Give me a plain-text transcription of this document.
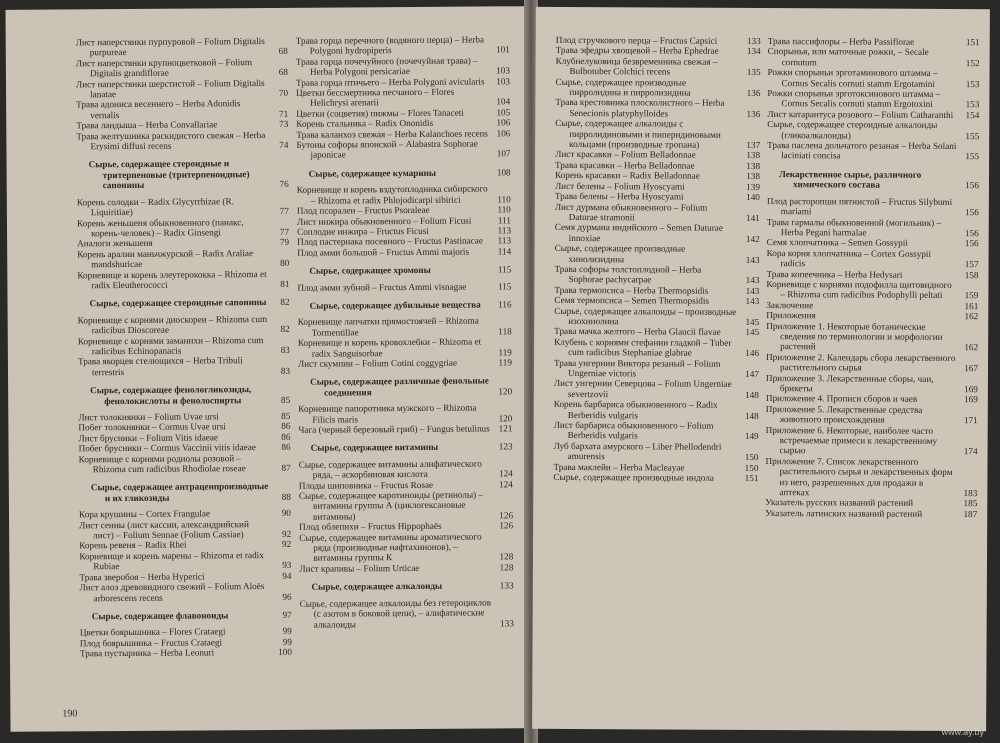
Лист наперстянки пурпуровой – Folium Digitalis purpureae	68
Лист наперстянки крупноцветковой – Folium Digitalis grandiflorae	68
Лист наперстянки шерстистой – Folium Digitalis lanatae	70
Трава адониса весеннего – Herba Adonidis vernalis	71
Трава ландыша – Herba Convallariae	73
Трава желтушника раскидистого свежая – Herba Erysimi diffusi recens	74
Сырье, содержащее стероидные и тритерпеновые (тритерпеноидные) сапонины	76
Корень солодки – Radix Glycyrrhizae (R. Liquiritiae)	77
Корень женьшеня обыкновенного (панакс, корень-человек) – Radix Ginsengi	77
Аналоги женьшеня	79
Корень аралии маньчжурской – Radix Araliae mandshuricae	80
Корневище и корень элеутерококка – Rhizoma et radix Eleutherococci	81
Сырье, содержащее стероидные сапонины	82
Корневище с корнями диоскореи – Rhizoma cum radicibus Dioscoreae	82
Корневище с корнями заманихи – Rhizoma cum radicibus Echinopanacis	83
Трава якорцев стелющихся – Herba Tribuli terrestris	83
Сырье, содержащее фенологликозиды, фенолокислоты и фенолоспирты	85
Лист толокнянки – Folium Uvae ursi	85
Побег толокнянки – Cormus Uvae ursi	86
Лист брусники – Folium Vitis idaeae	86
Побег брусники – Cormus Vaccinii vitis idaeae	86
Корневище с корнями родиолы розовой – Rhizoma cum radicibus Rhodiolae roseae	87
Сырье, содержащее антраценпроизводные и их гликозиды	88
Кора крушины – Cortex Frangulae	90
Лист сенны (лист кассии, александрийский лист) – Folium Sennae (Folium Cassiae)	92
Корень ревеня – Radix Rhei	92
Корневище и корень марены – Rhizoma et radix Rubiae	93
Трава зверобоя – Herba Hyperici	94
Лист алоэ древовидного свежий – Folium Aloës arborescens recens	96
Сырье, содержащее флавоноиды	97
Цветки боярышника – Flores Crataegi	99
Плод боярышника – Fructus Crataegi	99
Трава пустырника – Herba Leonuri	100
Трава горца перечного (водяного перца) – Herba Polygoni hydropiperis	101
Трава горца почечуйного (почечуйная трава) – Herba Polygoni persicariae	103
Трава горца птичьего – Herba Polygoni avicularis	103
Цветки бессмертника песчаного – Flores Helichrysi arenarii	104
Цветки (соцветия) пижмы – Flores Tanaceti	105
Корень стальника – Radix Ononidis	106
Трава каланхоэ свежая – Herba Kalanchoes recens 106
Бутоны софоры японской – Alabastra Sophorae japonicae	107
Сырье, содержащее кумарины	108
Корневище и корень вздутоплодника сибирского – Rhizoma et radix Phlojodicarpi sibirici	110
Плод псоралеи – Fructus Psoraleae	110
Лист инжира обыкновенного – Folium Ficusi	111
Соплодие инжира – Fructus Ficusi	113
Плод пастернака посевного – Fructus Pastinacae	113
Плод амми большой – Fructus Ammi majoris	114
Сырье, содержащее хромоны	115
Плод амми зубной – Fructus Ammi visnagae	115
Сырье, содержащее дубильные вещества	116
Корневище лапчатки прямостоячей – Rhizoma Tormentillae	118
Корневище и корень кровохлебки – Rhizoma et radix Sanguisorbae	119
Лист скумпии – Folium Cotini coggygriae	119
Сырье, содержащее различные фенольные соединения	120
Корневище папоротника мужского – Rhizoma Filicis maris	120
Чага (черный березовый гриб) – Fungus betulinus 121
Сырье, содержащее витамины	123
Сырье, содержащее витамины алифатического ряда, – аскорбиновая кислота	124
Плоды шиповника – Fructus Rosae	124
Сырье, содержащее каротиноиды (ретинолы) – витамины группы А (циклогексановые витамины)	126
Плод облепихи – Fructus Hippophaës	126
Сырье, содержащее витамины ароматического ряда (производные нафтахинонов), – витамины группы К	128
Лист крапивы – Folium Urticae	128
Сырье, содержащее алкалоиды	133
Сырье, содержащее алкалоиды без гетероциклов (с азотом в боковой цепи), – алифатические алкалоиды	133
190
Плод стручкового перца – Fructus Capsici	133
Трава эфедры хвощевой – Herba Ephedrae	134
Клубнелуковица безвременника свежая – Bulbotuber Colchici recens	135
Сырье, содержащее производные пирролидина и пирролизидина	136
Трава крестовника плосколистного – Herba Senecionis platyphylloides	136
Сырье, содержащее алкалоиды с пирролидиновыми и пиперидиновыми кольцами (производные тропана)	137
Лист красавки – Folium Belladonnae	138
Трава красавки – Herba Belladonnae	138
Корень красавки – Radix Belladonnae	138
Лист белены – Folium Hyoscyami	139
Трава белены – Herba Hyoscyami	140
Лист дурмана обыкновенного – Folium Daturae stramonii	141
Семя дурмана индийского – Semen Daturae innoxiae	142
Сырье, содержащее производные хинолизидина	143
Трава софоры толстоплодной – Herba Sophorae pachycarpae	143
Трава термопсиса – Herba Thermopsidis	143
Семя термопсиса – Semen Thermopsidis	143
Сырье, содержащее алкалоиды – производные изохинолина	145
Трава мачка желтого – Herba Glaucii flavae	145
Клубень с корнями стефании гладкой – Tuber cum radicibus Stephaniae glabrae	146
Трава унгернии Виктора резаный – Folium Ungerniae victoris	147
Лист унгернии Северцова – Folium Ungerniae severtzovii	148
Корень барбариса обыкновенного – Radix Berberidis vulgaris	148
Лист барбариса обыкновенного – Folium Berberidis vulgaris	149
Луб бархата амурского – Liber Phellodendri amurensis	150
Трава маклейи – Herba Macleayae	150
Сырье, содержащее производные индола	151
Трава пассифлоры – Herba Passiflorae	151
Спорынья, или маточные рожки, – Secale cornutum	152
Рожки спорыньи эрготаминового штамма – Cornus Secalis cornuti stamm Ergotamini	153
Рожки спорыньи эрготоксинового штамма – Cornus Secalis cornuti stamm Ergotoxini	153
Лист катарантуса розового – Folium Catharanthi	154
Сырье, содержащее стероидные алкалоиды (гликоалкалоиды)	155
Трава паслена дольчатого резаная – Herba Solani laciniati concisa	155
Лекарственное сырье, различного химического состава	156
Плод расторопши пятнистой – Fructus Silybumi mariami	156
Трава гармалы обыкновенной (могильник) – Herba Pegani harmalae	156
Семя хлопчатника – Semen Gossypii	156
Кора корня хлопчатника – Cortex Gossypii radicis	157
Трава копеечника – Herba Hedysari	158
Корневище с корнями подофилла щитовидного – Rhizoma cum radicibus Podophylli peltati	159
Заключение	161
Приложения	162
Приложение 1. Некоторые ботанические сведения по терминологии и морфологии растений	162
Приложение 2. Календарь сбора лекарственного растительного сырья	167
Приложение 3. Лекарственные сборы, чаи, брикеты	169
Приложение 4. Прописи сборов и чаев	169
Приложение 5. Лекарственные средства животного происхождения	171
Приложение 6. Некоторые, наиболее часто встречаемые примеси к лекарственному сырью	174
Приложение 7. Список лекарственного растительного сырья и лекарственных форм из него, разрешенных для продажи в аптеках	183
Указатель русских названий растений	185
Указатель латинских названий растений	187
www.ay.by
